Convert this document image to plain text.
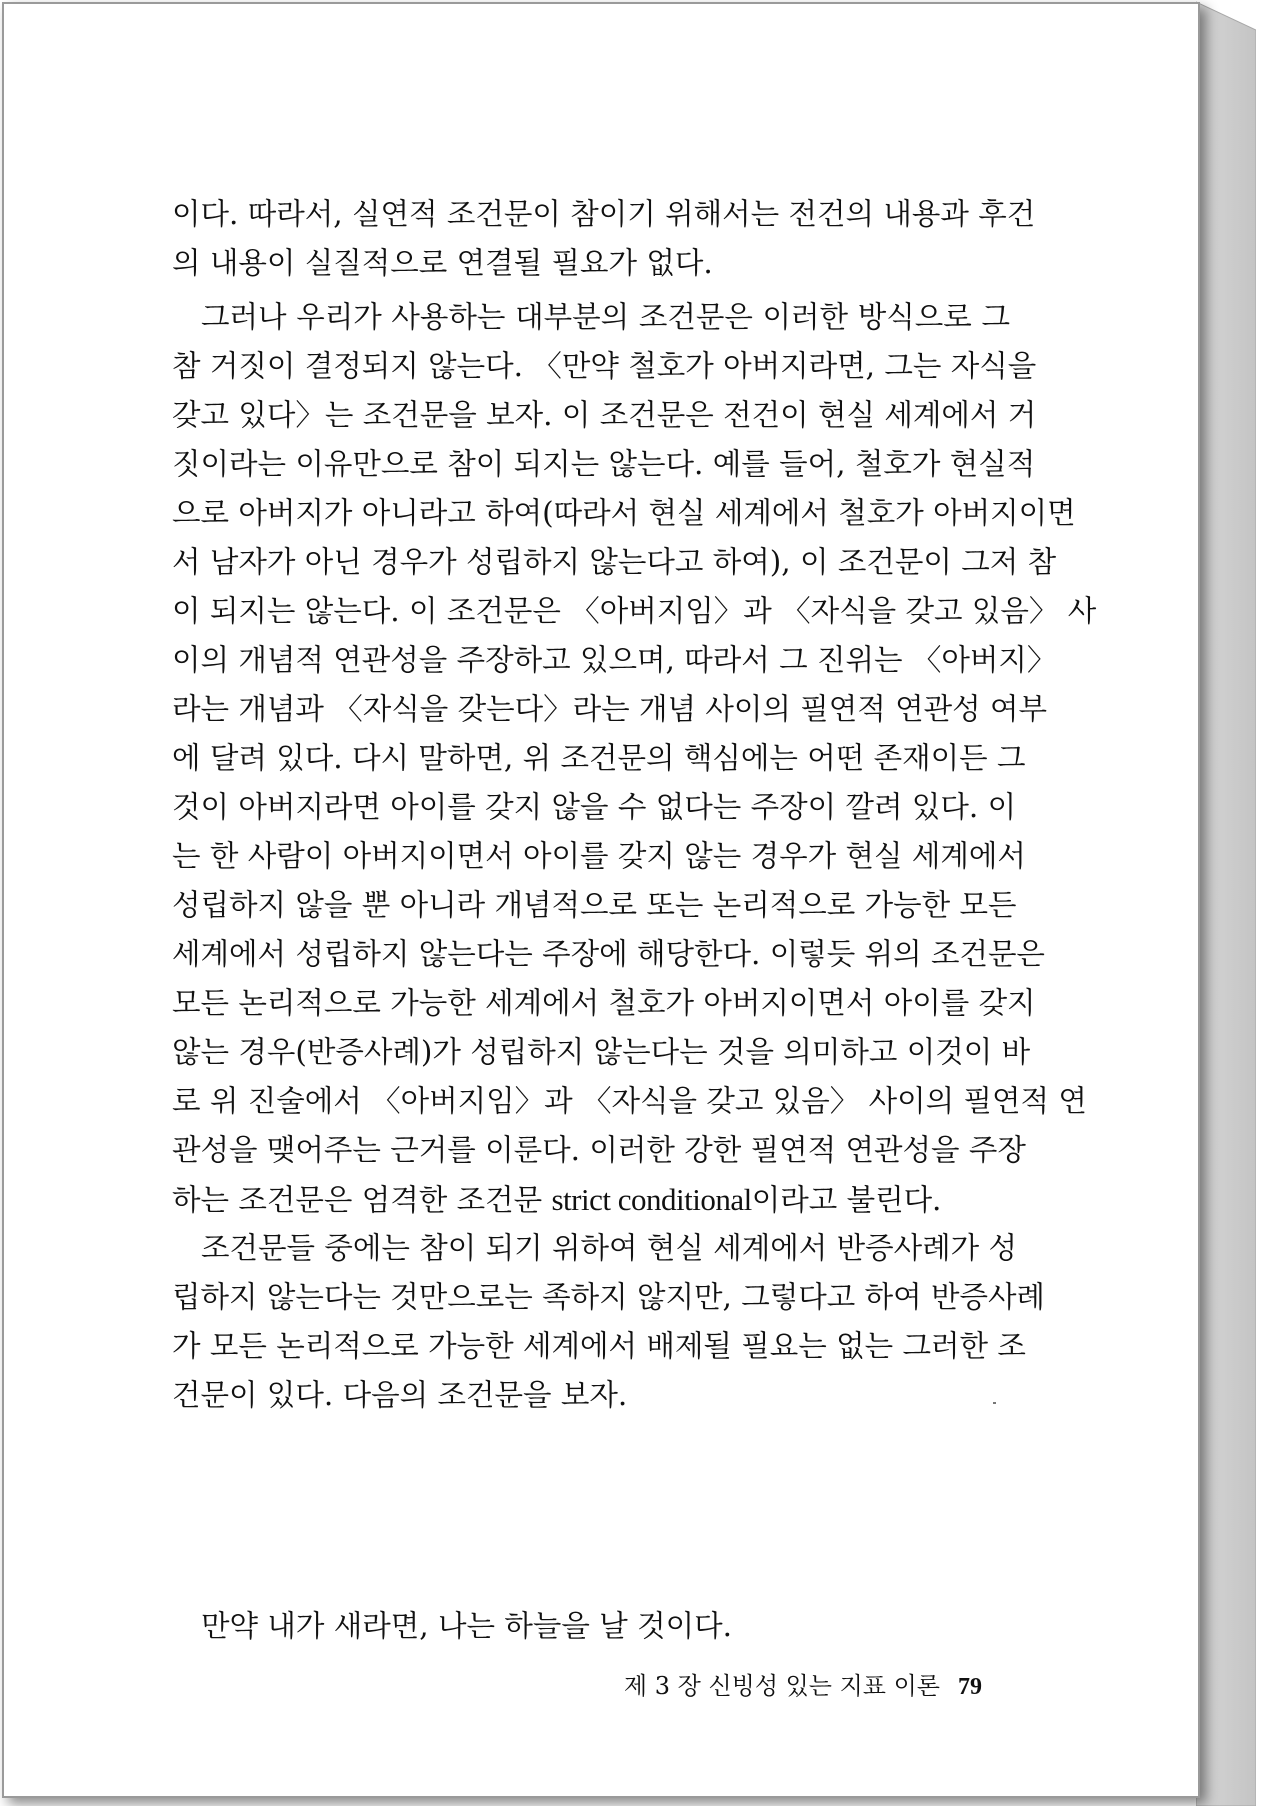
이다. 따라서, 실연적 조건문이 참이기 위해서는 전건의 내용과 후건
의 내용이 실질적으로 연결될 필요가 없다.
그러나 우리가 사용하는 대부분의 조건문은 이러한 방식으로 그
참 거짓이 결정되지 않는다. 〈만약 철호가 아버지라면, 그는 자식을
갖고 있다〉는 조건문을 보자. 이 조건문은 전건이 현실 세계에서 거
짓이라는 이유만으로 참이 되지는 않는다. 예를 들어, 철호가 현실적
으로 아버지가 아니라고 하여(따라서 현실 세계에서 철호가 아버지이면
서 남자가 아닌 경우가 성립하지 않는다고 하여), 이 조건문이 그저 참
이 되지는 않는다. 이 조건문은 〈아버지임〉과 〈자식을 갖고 있음〉 사
이의 개념적 연관성을 주장하고 있으며, 따라서 그 진위는 〈아버지〉
라는 개념과 〈자식을 갖는다〉라는 개념 사이의 필연적 연관성 여부
에 달려 있다. 다시 말하면, 위 조건문의 핵심에는 어떤 존재이든 그
것이 아버지라면 아이를 갖지 않을 수 없다는 주장이 깔려 있다. 이
는 한 사람이 아버지이면서 아이를 갖지 않는 경우가 현실 세계에서
성립하지 않을 뿐 아니라 개념적으로 또는 논리적으로 가능한 모든
세계에서 성립하지 않는다는 주장에 해당한다. 이렇듯 위의 조건문은
모든 논리적으로 가능한 세계에서 철호가 아버지이면서 아이를 갖지
않는 경우(반증사례)가 성립하지 않는다는 것을 의미하고 이것이 바
로 위 진술에서 〈아버지임〉과 〈자식을 갖고 있음〉 사이의 필연적 연
관성을 맺어주는 근거를 이룬다. 이러한 강한 필연적 연관성을 주장
하는 조건문은 엄격한 조건문 strict conditional이라고 불린다.
조건문들 중에는 참이 되기 위하여 현실 세계에서 반증사례가 성
립하지 않는다는 것만으로는 족하지 않지만, 그렇다고 하여 반증사례
가 모든 논리적으로 가능한 세계에서 배제될 필요는 없는 그러한 조
건문이 있다. 다음의 조건문을 보자.
만약 내가 새라면, 나는 하늘을 날 것이다.
제 3 장 신빙성 있는 지표 이론 79
